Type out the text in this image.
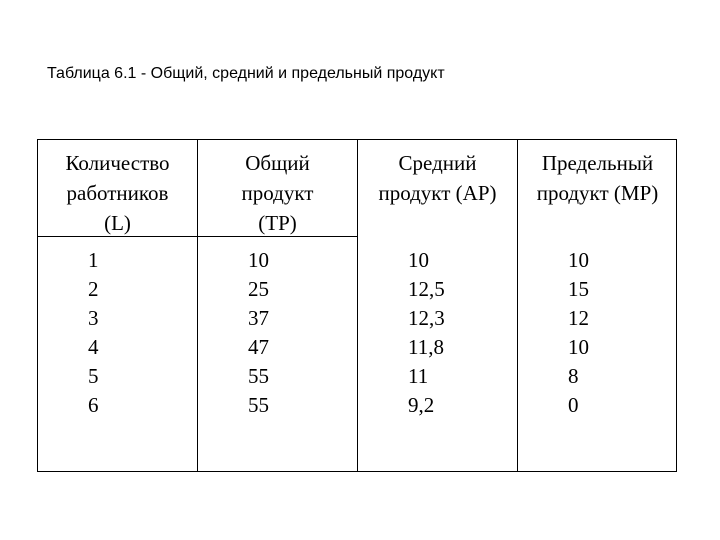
Таблица 6.1 - Общий, средний и предельный продукт
Количество
работников
(L)
Общий
продукт
(TP)
Средний
продукт (AP)
Предельный
продукт (MP)
1
2
3
4
5
6
10
25
37
47
55
55
10
12,5
12,3
11,8
11
9,2
10
15
12
10
8
0
